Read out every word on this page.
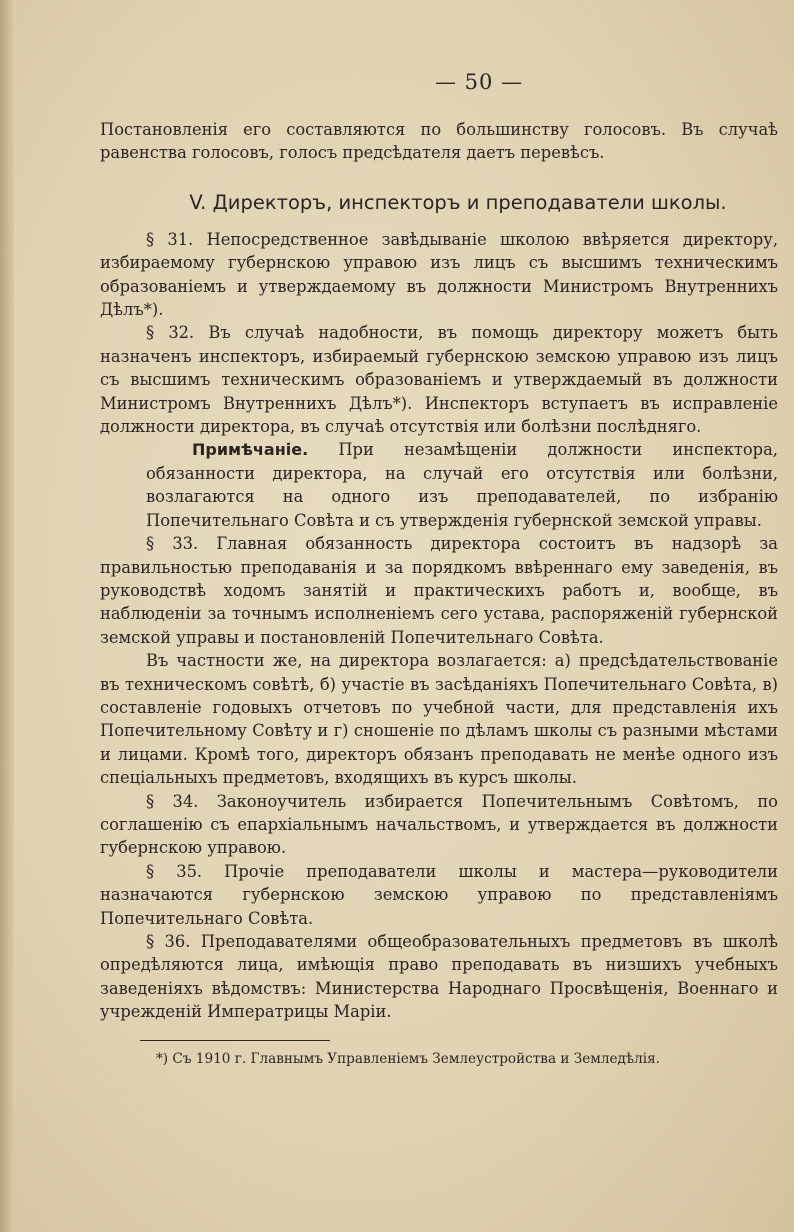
— 50 —

Постановленія его составляются по большинству голосовъ. Въ случаѣ равенства голосовъ, голосъ предсѣдателя даетъ перевѣсъ.

V. Директоръ, инспекторъ и преподаватели школы.

§ 31. Непосредственное завѣдываніе школою ввѣряется директору, избираемому губернскою управою изъ лицъ съ высшимъ техническимъ образованіемъ и утверждаемому въ должности Министромъ Внутреннихъ Дѣлъ*).

§ 32. Въ случаѣ надобности, въ помощь директору можетъ быть назначенъ инспекторъ, избираемый губернскою земскою управою изъ лицъ съ высшимъ техническимъ образованіемъ и утверждаемый въ должности Министромъ Внутреннихъ Дѣлъ*). Инспекторъ вступаетъ въ исправленіе должности директора, въ случаѣ отсутствія или болѣзни послѣдняго.

Примѣчаніе. При незамѣщеніи должности инспектора, обязанности директора, на случай его отсутствія или болѣзни, возлагаются на одного изъ преподавателей, по избранію Попечительнаго Совѣта и съ утвержденія губернской земской управы.

§ 33. Главная обязанность директора состоитъ въ надзорѣ за правильностью преподаванія и за порядкомъ ввѣреннаго ему заведенія, въ руководствѣ ходомъ занятій и практическихъ работъ и, вообще, въ наблюденіи за точнымъ исполненіемъ сего устава, распоряженій губернской земской управы и постановленій Попечительнаго Совѣта.

Въ частности же, на директора возлагается: а) предсѣдательствованіе въ техническомъ совѣтѣ, б) участіе въ засѣданіяхъ Попечительнаго Совѣта, в) составленіе годовыхъ отчетовъ по учебной части, для представленія ихъ Попечительному Совѣту и г) сношеніе по дѣламъ школы съ разными мѣстами и лицами. Кромѣ того, директоръ обязанъ преподавать не менѣе одного изъ спеціальныхъ предметовъ, входящихъ въ курсъ школы.

§ 34. Законоучитель избирается Попечительнымъ Совѣтомъ, по соглашенію съ епархіальнымъ начальствомъ, и утверждается въ должности губернскою управою.

§ 35. Прочіе преподаватели школы и мастера—руководители назначаются губернскою земскою управою по представленіямъ Попечительнаго Совѣта.

§ 36. Преподавателями общеобразовательныхъ предметовъ въ школѣ опредѣляются лица, имѣющія право преподавать въ низшихъ учебныхъ заведеніяхъ вѣдомствъ: Министерства Народнаго Просвѣщенія, Военнаго и учрежденій Императрицы Маріи.

*) Съ 1910 г. Главнымъ Управленіемъ Землеустройства и Земледѣлія.
